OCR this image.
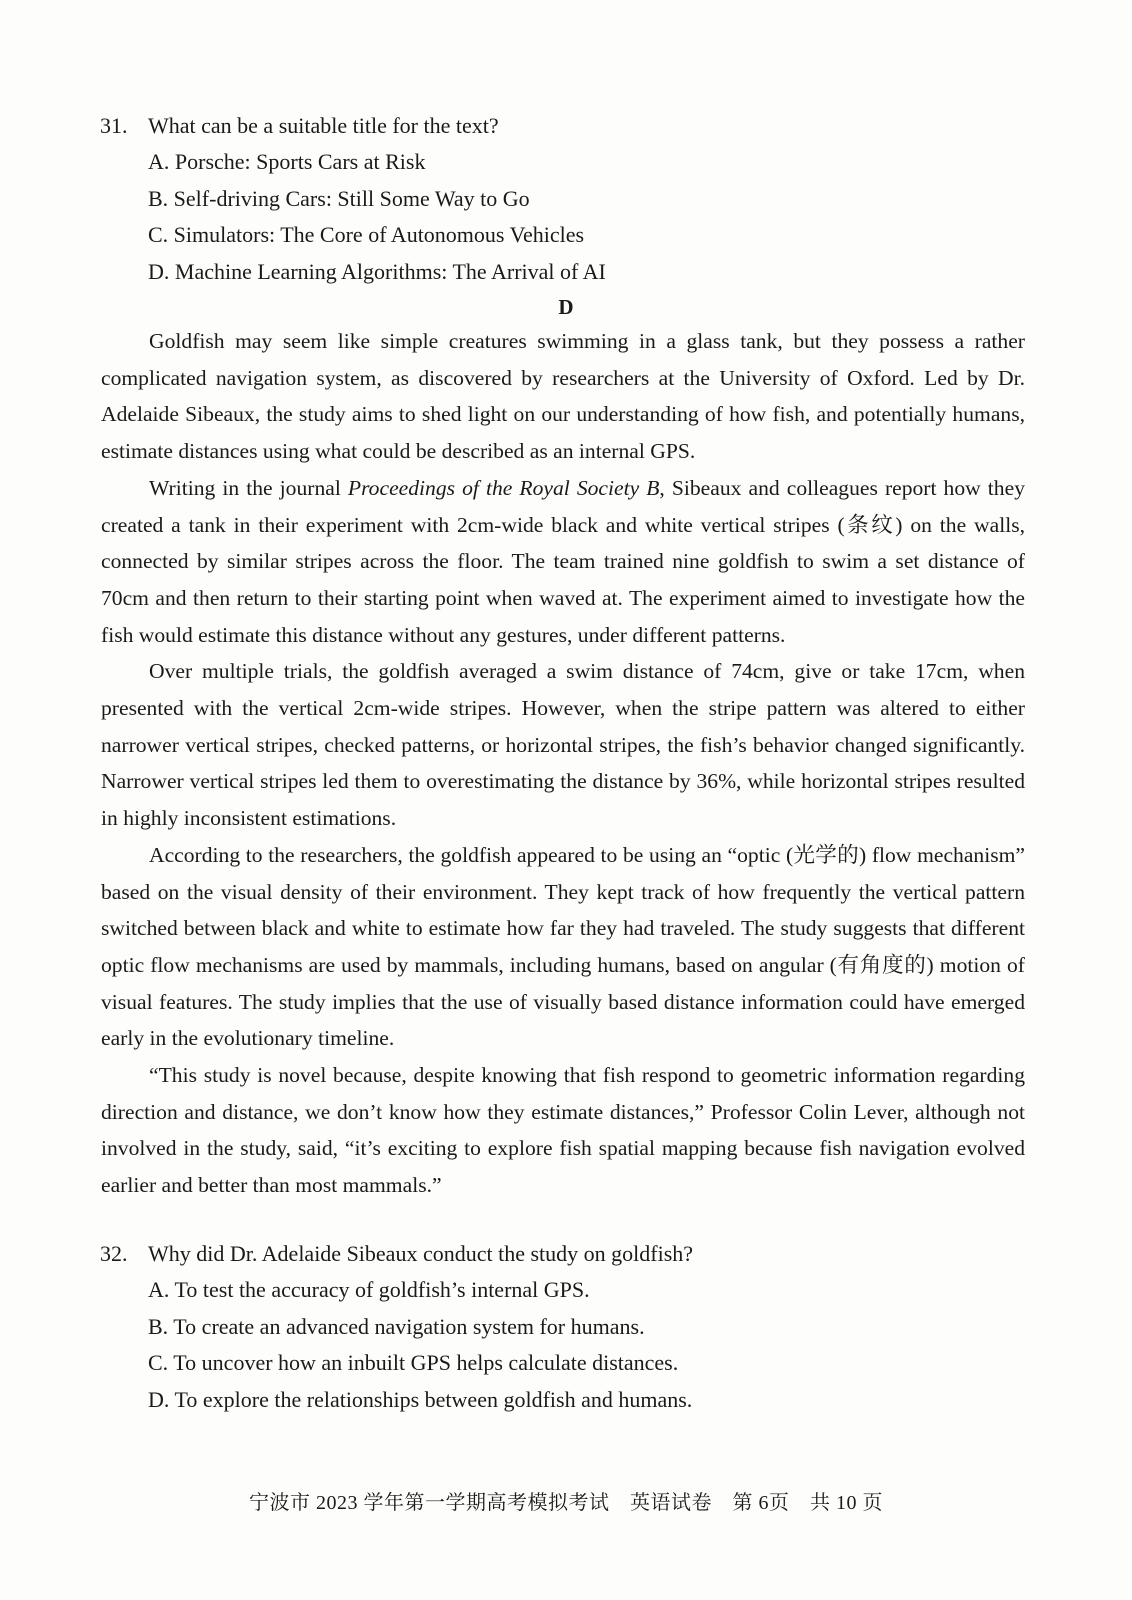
31. What can be a suitable title for the text?
A. Porsche: Sports Cars at Risk
B. Self-driving Cars: Still Some Way to Go
C. Simulators: The Core of Autonomous Vehicles
D. Machine Learning Algorithms: The Arrival of AI
D

Goldfish may seem like simple creatures swimming in a glass tank, but they possess a rather complicated navigation system, as discovered by researchers at the University of Oxford. Led by Dr. Adelaide Sibeaux, the study aims to shed light on our understanding of how fish, and potentially humans, estimate distances using what could be described as an internal GPS.

Writing in the journal Proceedings of the Royal Society B, Sibeaux and colleagues report how they created a tank in their experiment with 2cm-wide black and white vertical stripes (条纹) on the walls, connected by similar stripes across the floor. The team trained nine goldfish to swim a set distance of 70cm and then return to their starting point when waved at. The experiment aimed to investigate how the fish would estimate this distance without any gestures, under different patterns.

Over multiple trials, the goldfish averaged a swim distance of 74cm, give or take 17cm, when presented with the vertical 2cm-wide stripes. However, when the stripe pattern was altered to either narrower vertical stripes, checked patterns, or horizontal stripes, the fish’s behavior changed significantly. Narrower vertical stripes led them to overestimating the distance by 36%, while horizontal stripes resulted in highly inconsistent estimations.

According to the researchers, the goldfish appeared to be using an “optic (光学的) flow mechanism” based on the visual density of their environment. They kept track of how frequently the vertical pattern switched between black and white to estimate how far they had traveled. The study suggests that different optic flow mechanisms are used by mammals, including humans, based on angular (有角度的) motion of visual features. The study implies that the use of visually based distance information could have emerged early in the evolutionary timeline.

“This study is novel because, despite knowing that fish respond to geometric information regarding direction and distance, we don’t know how they estimate distances,” Professor Colin Lever, although not involved in the study, said, “it’s exciting to explore fish spatial mapping because fish navigation evolved earlier and better than most mammals.”

32. Why did Dr. Adelaide Sibeaux conduct the study on goldfish?
A. To test the accuracy of goldfish’s internal GPS.
B. To create an advanced navigation system for humans.
C. To uncover how an inbuilt GPS helps calculate distances.
D. To explore the relationships between goldfish and humans.
宁波市 2023 学年第一学期高考模拟考试　英语试卷　第 6页　共 10 页
